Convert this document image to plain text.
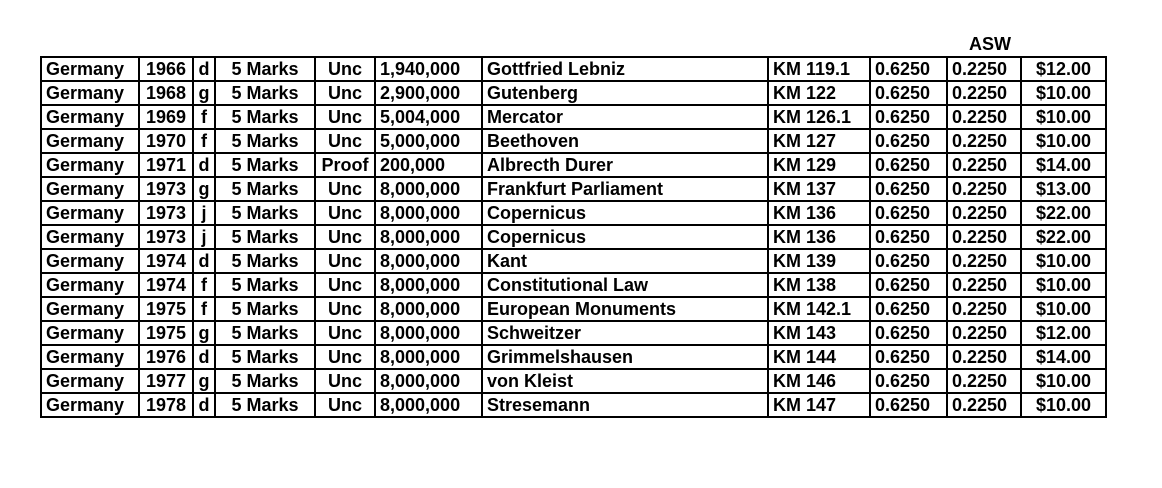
ASW
Germany	1966	d	5 Marks	Unc	1,940,000	Gottfried Lebniz	KM 119.1	0.6250	0.2250	$12.00
Germany	1968	g	5 Marks	Unc	2,900,000	Gutenberg	KM 122	0.6250	0.2250	$10.00
Germany	1969	f	5 Marks	Unc	5,004,000	Mercator	KM 126.1	0.6250	0.2250	$10.00
Germany	1970	f	5 Marks	Unc	5,000,000	Beethoven	KM 127	0.6250	0.2250	$10.00
Germany	1971	d	5 Marks	Proof	200,000	Albrecth Durer	KM 129	0.6250	0.2250	$14.00
Germany	1973	g	5 Marks	Unc	8,000,000	Frankfurt Parliament	KM 137	0.6250	0.2250	$13.00
Germany	1973	j	5 Marks	Unc	8,000,000	Copernicus	KM 136	0.6250	0.2250	$22.00
Germany	1973	j	5 Marks	Unc	8,000,000	Copernicus	KM 136	0.6250	0.2250	$22.00
Germany	1974	d	5 Marks	Unc	8,000,000	Kant	KM 139	0.6250	0.2250	$10.00
Germany	1974	f	5 Marks	Unc	8,000,000	Constitutional Law	KM 138	0.6250	0.2250	$10.00
Germany	1975	f	5 Marks	Unc	8,000,000	European Monuments	KM 142.1	0.6250	0.2250	$10.00
Germany	1975	g	5 Marks	Unc	8,000,000	Schweitzer	KM 143	0.6250	0.2250	$12.00
Germany	1976	d	5 Marks	Unc	8,000,000	Grimmelshausen	KM 144	0.6250	0.2250	$14.00
Germany	1977	g	5 Marks	Unc	8,000,000	von Kleist	KM 146	0.6250	0.2250	$10.00
Germany	1978	d	5 Marks	Unc	8,000,000	Stresemann	KM 147	0.6250	0.2250	$10.00
